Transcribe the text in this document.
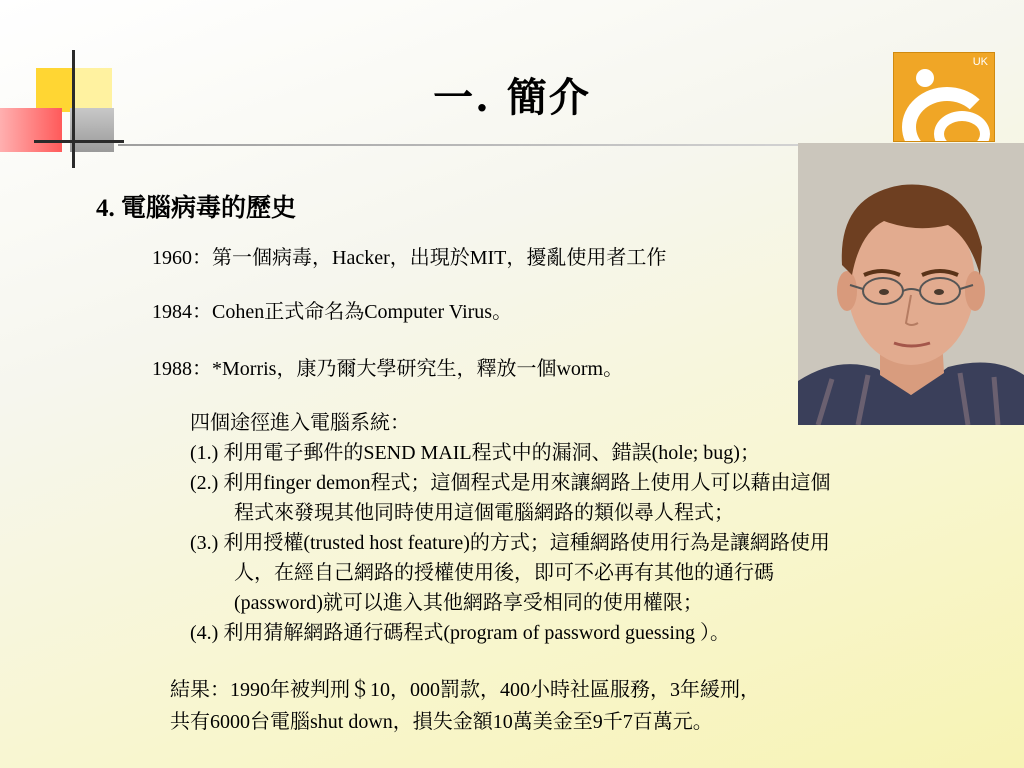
UK
一. 簡介
4. 電腦病毒的歷史
1960：第一個病毒，Hacker，出現於MIT，擾亂使用者工作
1984：Cohen正式命名為Computer Virus。
1988：*Morris，康乃爾大學研究生，釋放一個worm。
四個途徑進入電腦系統：
(1.) 利用電子郵件的SEND MAIL程式中的漏洞、錯誤(hole; bug)；
(2.) 利用finger demon程式；這個程式是用來讓網路上使用人可以藉由這個
程式來發現其他同時使用這個電腦網路的類似尋人程式；
(3.) 利用授權(trusted host feature)的方式；這種網路使用行為是讓網路使用
人，在經自己網路的授權使用後，即可不必再有其他的通行碼
(password)就可以進入其他網路享受相同的使用權限；
(4.) 利用猜解網路通行碼程式(program of password guessing ）。
結果：1990年被判刑＄10，000罰款，400小時社區服務，3年緩刑，
共有6000台電腦shut down，損失金額10萬美金至9千7百萬元。
